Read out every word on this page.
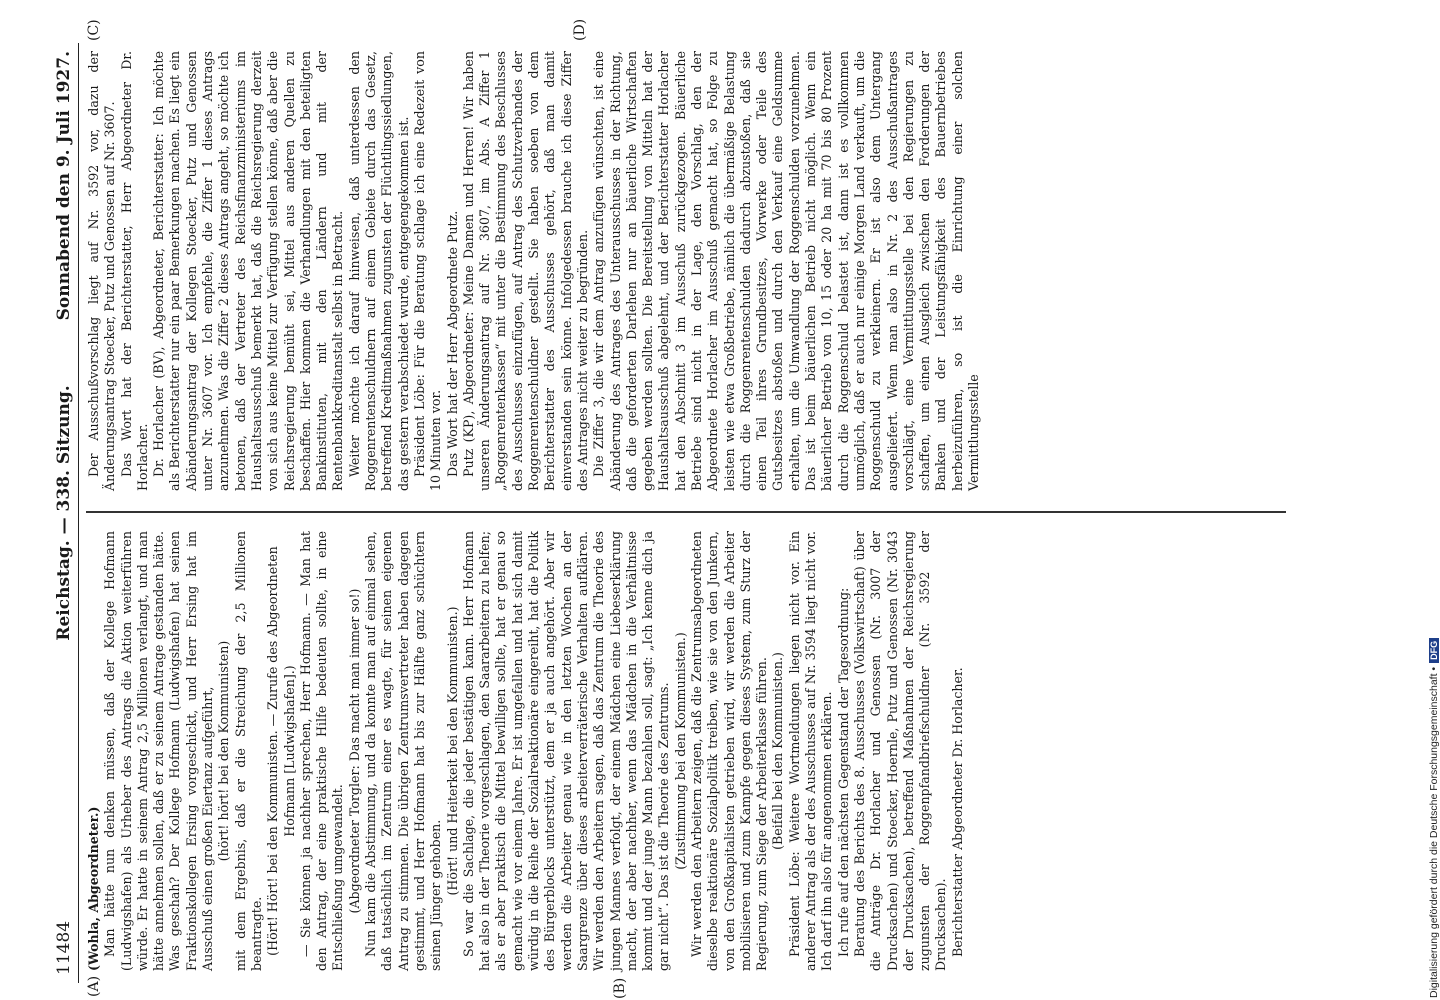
11484
Reichstag. — 338. Sitzung.
Sonnabend den 9. Juli 1927.
(A)	(B)
(C)	(D)

(Wohla, Abgeordneter.) Man hätte nun denken müssen, daß der Kollege Hofmann (Ludwigshafen) als Urheber des Antrags die Aktion weiterführen würde. Er hatte in seinem Antrag 2,5 Millionen verlangt, und man hätte annehmen sollen, daß er zu seinem Antrage gestanden hätte. Was geschah? Der Kollege Hofmann (Ludwigshafen) hat seinen Fraktionskollegen Ersing vorgeschickt, und Herr Ersing hat im Ausschuß einen großen Eiertanz aufgeführt, (hört! hört! bei den Kommunisten) mit dem Ergebnis, daß er die Streichung der 2,5 Millionen beantragte. (Hört! Hört! bei den Kommunisten. — Zurufe des Abgeordneten Hofmann [Ludwigshafen].) — Sie können ja nachher sprechen, Herr Hofmann. — Man hat den Antrag, der eine praktische Hilfe bedeuten sollte, in eine Entschließung umgewandelt. (Abgeordneter Torgler: Das macht man immer so!) Nun kam die Abstimmung, und da konnte man auf einmal sehen, daß tatsächlich im Zentrum einer es wagte, für seinen eigenen Antrag zu stimmen. Die übrigen Zentrumsvertreter haben dagegen gestimmt, und Herr Hofmann hat bis zur Hälfte ganz schüchtern seinen Jünger gehoben. (Hört! und Heiterkeit bei den Kommunisten.) So war die Sachlage, die jeder bestätigen kann. Herr Hofmann hat also in der Theorie vorgeschlagen, den Saararbeitern zu helfen; als er aber praktisch die Mittel bewilligen sollte, hat er genau so gemacht wie vor einem Jahre. Er ist umgefallen und hat sich damit würdig in die Reihe der Sozialreaktionäre eingereiht, hat die Politik des Bürgerblocks unterstützt, dem er ja auch angehört. Aber wir werden die Arbeiter genau wie in den letzten Wochen an der Saargrenze über dieses arbeiterverräterische Verhalten aufklären. Wir werden den Arbeitern sagen, daß das Zentrum die Theorie des jungen Mannes verfolgt, der einem Mädchen eine Liebeserklärung macht, der aber nachher, wenn das Mädchen in die Verhältnisse kommt und der junge Mann bezahlen soll, sagt: „Ich kenne dich ja gar nicht“. Das ist die Theorie des Zentrums. (Zustimmung bei den Kommunisten.) Wir werden den Arbeitern zeigen, daß die Zentrumsabgeordneten dieselbe reaktionäre Sozialpolitik treiben, wie sie von den Junkern, von den Großkapitalisten getrieben wird, wir werden die Arbeiter mobilisieren und zum Kampfe gegen dieses System, zum Sturz der Regierung, zum Siege der Arbeiterklasse führen. (Beifall bei den Kommunisten.) Präsident Löbe: Weitere Wortmeldungen liegen nicht vor. Ein anderer Antrag als der des Ausschusses auf Nr. 3594 liegt nicht vor. Ich darf ihn also für angenommen erklären. Ich rufe auf den nächsten Gegenstand der Tagesordnung: Beratung des Berichts des 8. Ausschusses (Volkswirtschaft) über die Anträge Dr. Horlacher und Genossen (Nr. 3007 der Drucksachen) und Stoecker, Hoernle, Putz und Genossen (Nr. 3043 der Drucksachen), betreffend Maßnahmen der Reichsregierung zugunsten der Roggenpfandbriefschuldner (Nr. 3592 der Drucksachen). Berichterstatter Abgeordneter Dr. Horlacher.

Der Ausschußvorschlag liegt auf Nr. 3592 vor, dazu der Änderungsantrag Stoecker, Putz und Genossen auf Nr. 3607. Das Wort hat der Berichterstatter, Herr Abgeordneter Dr. Horlacher. Dr. Horlacher (BV), Abgeordneter, Berichterstatter: Ich möchte als Berichterstatter nur ein paar Bemerkungen machen. Es liegt ein Abänderungsantrag der Kollegen Stoecker, Putz und Genossen unter Nr. 3607 vor. Ich empfehle, die Ziffer 1 dieses Antrags anzunehmen. Was die Ziffer 2 dieses Antrags angeht, so möchte ich betonen, daß der Vertreter des Reichsfinanzministeriums im Haushaltsausschuß bemerkt hat, daß die Reichsregierung derzeit von sich aus keine Mittel zur Verfügung stellen könne, daß aber die Reichsregierung bemüht sei, Mittel aus anderen Quellen zu beschaffen. Hier kommen die Verhandlungen mit den beteiligten Bankinstituten, mit den Ländern und mit der Rentenbankkreditanstalt selbst in Betracht. Weiter möchte ich darauf hinweisen, daß unterdessen den Roggenrentenschuldnern auf einem Gebiete durch das Gesetz, betreffend Kreditmaßnahmen zugunsten der Flüchtlingssiedlungen, das gestern verabschiedet wurde, entgegengekommen ist. Präsident Löbe: Für die Beratung schlage ich eine Redezeit von 10 Minuten vor. Das Wort hat der Herr Abgeordnete Putz. Putz (KP), Abgeordneter: Meine Damen und Herren! Wir haben unseren Änderungsantrag auf Nr. 3607, im Abs. A Ziffer 1 „Roggenrentenkassen“ mit unter die Bestimmung des Beschlusses des Ausschusses einzufügen, auf Antrag des Schutzverbandes der Roggenrentenschuldner gestellt. Sie haben soeben von dem Berichterstatter des Ausschusses gehört, daß man damit einverstanden sein könne. Infolgedessen brauche ich diese Ziffer des Antrages nicht weiter zu begründen. Die Ziffer 3, die wir dem Antrag anzufügen wünschten, ist eine Abänderung des Antrages des Unterausschusses in der Richtung, daß die geforderten Darlehen nur an bäuerliche Wirtschaften gegeben werden sollten. Die Bereitstellung von Mitteln hat der Haushaltsausschuß abgelehnt, und der Berichterstatter Horlacher hat den Abschnitt 3 im Ausschuß zurückgezogen. Bäuerliche Betriebe sind nicht in der Lage, den Vorschlag, den der Abgeordnete Horlacher im Ausschuß gemacht hat, so Folge zu leisten wie etwa Großbetriebe, nämlich die übermäßige Belastung durch die Roggenrentenschulden dadurch abzustoßen, daß sie einen Teil ihres Grundbesitzes, Vorwerke oder Teile des Gutsbesitzes abstoßen und durch den Verkauf eine Geldsumme erhalten, um die Umwandlung der Roggenschulden vorzunehmen. Das ist beim bäuerlichen Betrieb nicht möglich. Wenn ein bäuerlicher Betrieb von 10, 15 oder 20 ha mit 70 bis 80 Prozent durch die Roggenschuld belastet ist, dann ist es vollkommen unmöglich, daß er auch nur einige Morgen Land verkauft, um die Roggenschuld zu verkleinern. Er ist also dem Untergang ausgeliefert. Wenn man also in Nr. 2 des Ausschußantrages vorschlägt, eine Vermittlungsstelle bei den Regierungen zu schaffen, um einen Ausgleich zwischen den Forderungen der Banken und der Leistungsfähigkeit des Bauernbetriebes herbeizuführen, so ist die Einrichtung einer solchen Vermittlungsstelle

Digitalisierung gefördert durch die Deutsche Forschungsgemeinschaft •DFG
